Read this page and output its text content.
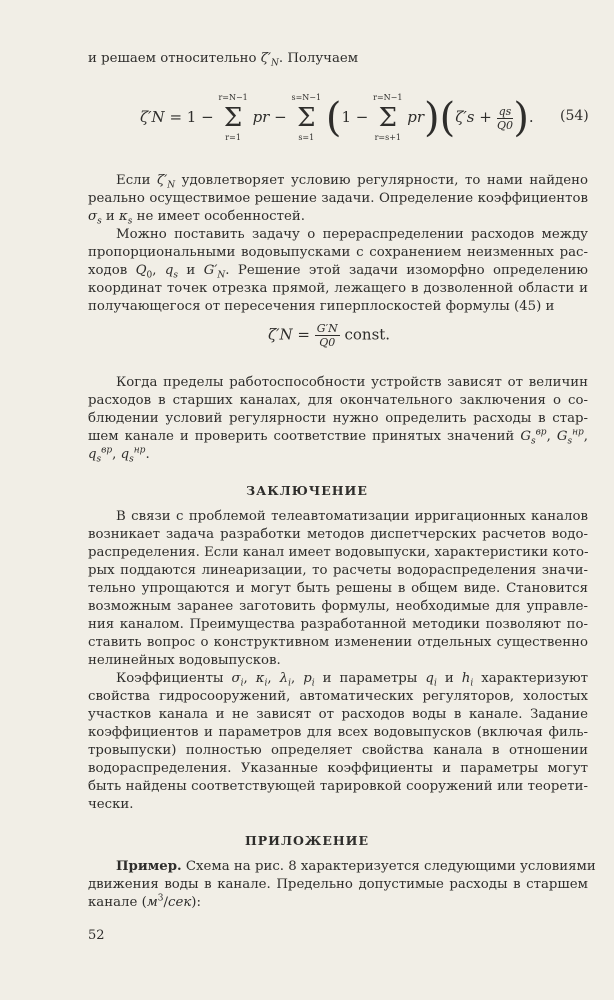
и решаем относительно $\zeta'_N$. Получаем
ζ′N = 1 −
r=N−1
Σ
r=1
pr −
s=N−1
Σ
s=1 (1 −
r=N−1
Σ
r=s+1
$pr)(\zeta's + \frac{qs}{Q0}$ ). (54)
Если $\zeta'_N$ удовлетворяет условию регулярности, то нами найдено
реально осуществимое решение задачи. Определение коэффициентов
$\sigma_s$ и $\kappa_s$ не имеет особенностей.
Можно поставить задачу о перераспределении расходов между
пропорциональными водовыпусками с сохранением неизменных рас-
ходов $Q_0$, $q_s$ и $G'_N$. Решение этой задачи изоморфно определению
координат точек отрезка прямой, лежащего в дозволенной области и
получающегося от пересечения гиперплоскостей формулы (45) и
$\zeta'N = \frac{G'N}{Q0}$ const.
Когда пределы работоспособности устройств зависят от величин
расходов в старших каналах, для окончательного заключения о со-
блюдении условий регулярности нужно определить расходы в стар-
шем канале и проверить соответствие принятых значений $G_s^{вр}$, $G_s^{нр}$,
$q_s^{вр}$, $q_s^{нр}$.
ЗАКЛЮЧЕНИЕ
В связи с проблемой телеавтоматизации ирригационных каналов
возникает задача разработки методов диспетчерских расчетов водо-
распределения. Если канал имеет водовыпуски, характеристики кото-
рых поддаются линеаризации, то расчеты водораспределения значи-
тельно упрощаются и могут быть решены в общем виде. Становится
возможным заранее заготовить формулы, необходимые для управле-
ния каналом. Преимущества разработанной методики позволяют по-
ставить вопрос о конструктивном изменении отдельных существенно
нелинейных водовыпусков.
Коэффициенты $\sigma_i$, $\kappa_i$, $\lambda_i$, $p_i$ и параметры $q_i$ и $h_i$ характеризуют
свойства гидросооружений, автоматических регуляторов, холостых
участков канала и не зависят от расходов воды в канале. Задание
коэффициентов и параметров для всех водовыпусков (включая филь-
тровыпуски) полностью определяет свойства канала в отношении
водораспределения. Указанные коэффициенты и параметры могут
быть найдены соответствующей тарировкой сооружений или теорети-
чески.
ПРИЛОЖЕНИЕ
Пример. Схема на рис. 8 характеризуется следующими условиями
движения воды в канале. Предельно допустимые расходы в старшем
канале $(м^3/сек)$:
52
